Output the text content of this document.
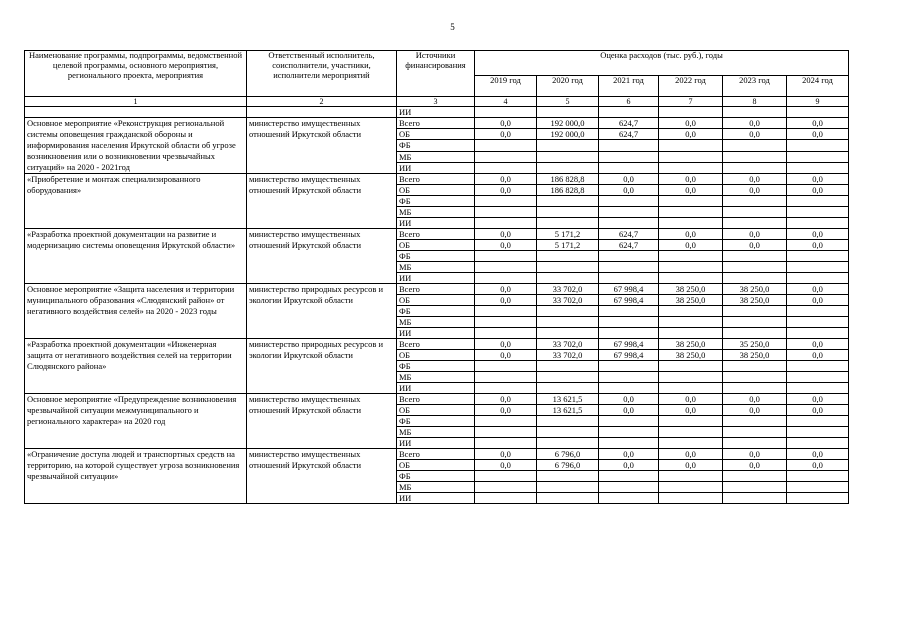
5
Наименование программы, подпрограммы, ведомственной целевой программы, основного мероприятия, регионального проекта, мероприятия	Ответственный исполнитель, соисполнители, участники, исполнители мероприятий	Источники финансирования	Оценка расходов (тыс. руб.), годы					
			2019 год	2020 год	2021 год	2022 год	2023 год	2024 год
1	2	3	4	5	6	7	8	9
		ИИ						
Основное мероприятие «Реконструкция региональной системы оповещения гражданской обороны и информирования населения Иркутской области об угрозе возникновения или о возникновении чрезвычайных ситуаций» на 2020 - 2021год	министерство имущественных отношений Иркутской области	Всего	0,0	192 000,0	624,7	0,0	0,0	0,0
		ОБ	0,0	192 000,0	624,7	0,0	0,0	0,0
		ФБ						
		МБ						
		ИИ						
«Приобретение и монтаж специализированного оборудования»	министерство имущественных отношений Иркутской области	Всего	0,0	186 828,8	0,0	0,0	0,0	0,0
		ОБ	0,0	186 828,8	0,0	0,0	0,0	0,0
		ФБ						
		МБ						
		ИИ						
«Разработка проектной документации на развитие и модернизацию системы оповещения Иркутской области»	министерство имущественных отношений Иркутской области	Всего	0,0	5 171,2	624,7	0,0	0,0	0,0
		ОБ	0,0	5 171,2	624,7	0,0	0,0	0,0
		ФБ						
		МБ						
		ИИ						
Основное мероприятие «Защита населения и территории муниципального образования «Слюдянский район» от негативного воздействия селей» на 2020 - 2023 годы	министерство природных ресурсов и экологии Иркутской области	Всего	0,0	33 702,0	67 998,4	38 250,0	38 250,0	0,0
		ОБ	0,0	33 702,0	67 998,4	38 250,0	38 250,0	0,0
		ФБ						
		МБ						
		ИИ						
«Разработка проектной документации «Инженерная защита от негативного воздействия селей на территории Слюдянского района»	министерство природных ресурсов и экологии Иркутской области	Всего	0,0	33 702,0	67 998,4	38 250,0	35 250,0	0,0
		ОБ	0,0	33 702,0	67 998,4	38 250,0	38 250,0	0,0
		ФБ						
		МБ						
		ИИ						
Основное мероприятие «Предупреждение возникновения чрезвычайной ситуации межмуниципального и регионального характера» на 2020 год	министерство имущественных отношений Иркутской области	Всего	0,0	13 621,5	0,0	0,0	0,0	0,0
		ОБ	0,0	13 621,5	0,0	0,0	0,0	0,0
		ФБ						
		МБ						
		ИИ						
«Ограничение доступа людей и транспортных средств на территорию, на которой существует угроза возникновения чрезвычайной ситуации»	министерство имущественных отношений Иркутской области	Всего	0,0	6 796,0	0,0	0,0	0,0	0,0
		ОБ	0,0	6 796,0	0,0	0,0	0,0	0,0
		ФБ						
		МБ						
		ИИ						
